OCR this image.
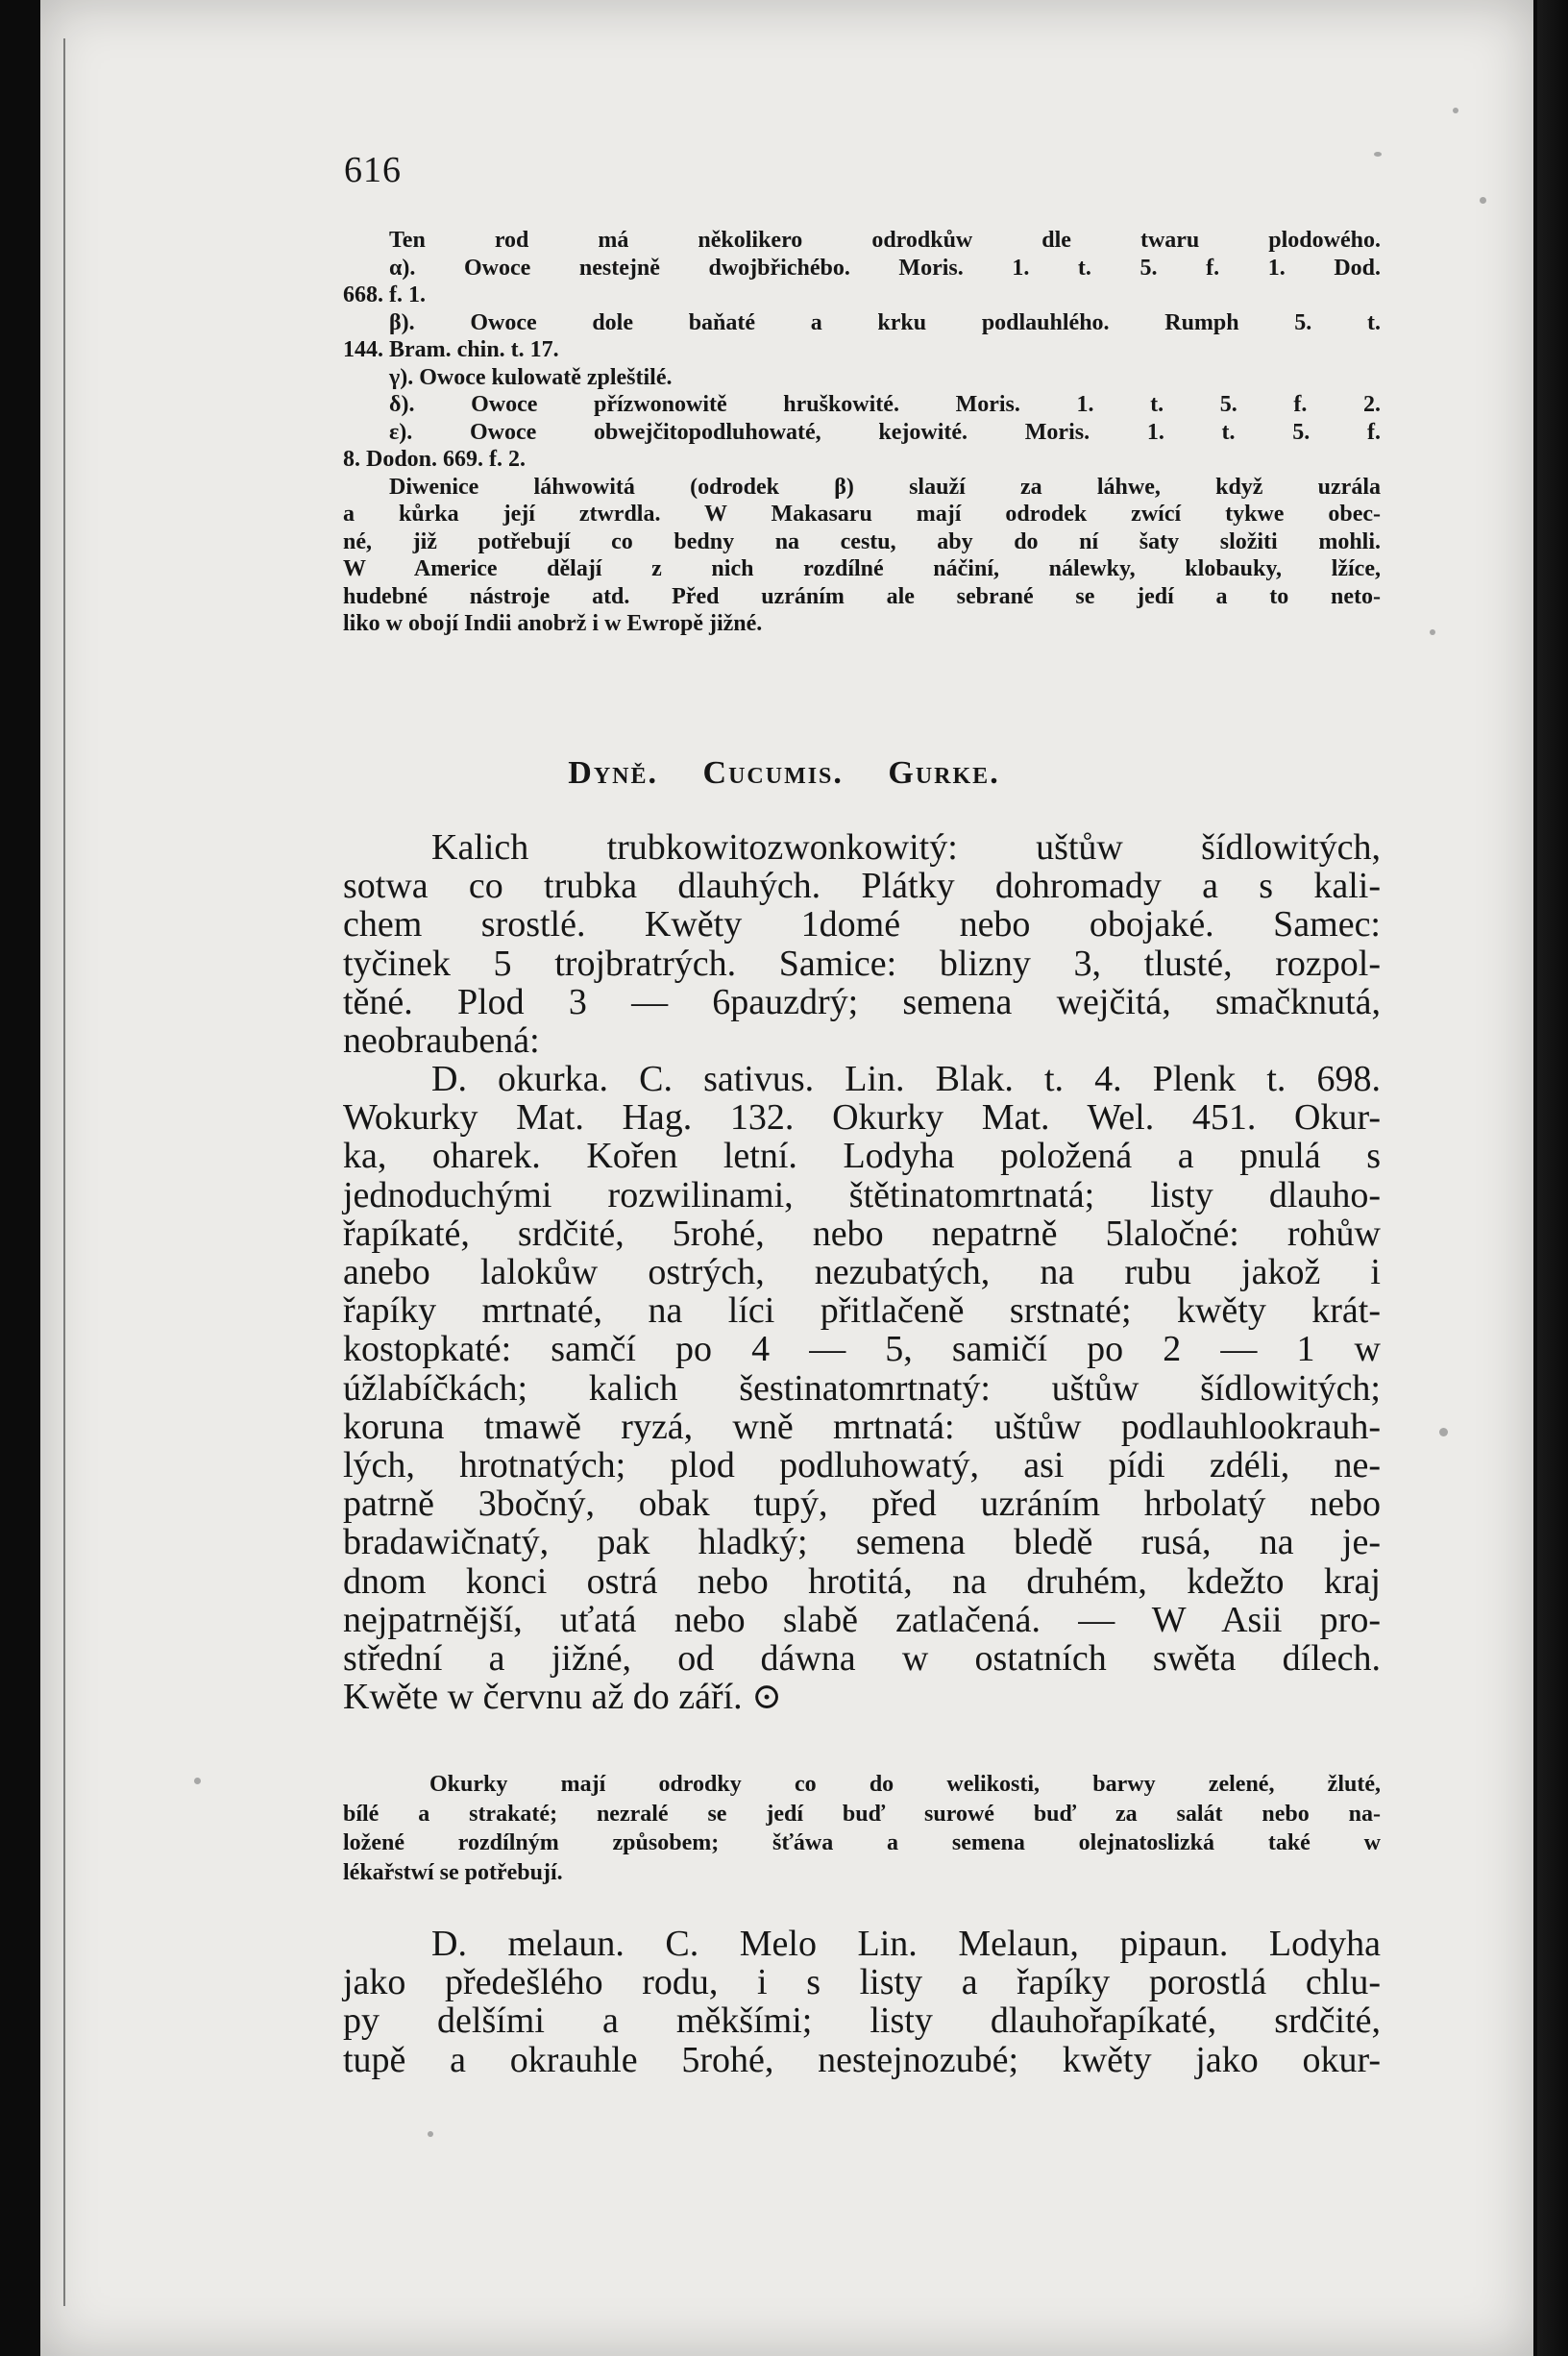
616
Ten rod má několikero odrodkůw dle twaru plodowého.
α). Owoce nestejně dwojbřichébo. Moris. 1. t. 5. f. 1. Dod.
668. f. 1.
β). Owoce dole baňaté a krku podlauhlého. Rumph 5. t.
144. Bram. chin. t. 17.
γ). Owoce kulowatě zpleštilé.
δ). Owoce přízwonowitě hruškowité. Moris. 1. t. 5. f. 2.
ε). Owoce obwejčitopodluhowaté, kejowité. Moris. 1. t. 5. f.
8. Dodon. 669. f. 2.
Diwenice láhwowitá (odrodek β) slauží za láhwe, když uzrála
a kůrka její ztwrdla. W Makasaru mají odrodek zwící tykwe obec-
né, již potřebují co bedny na cestu, aby do ní šaty složiti mohli.
W Americe dělají z nich rozdílné náčiní, nálewky, klobauky, lžíce,
hudebné nástroje atd. Před uzráním ale sebrané se jedí a to neto-
liko w obojí Indii anobrž i w Ewropě jižné.
Dyně. Cucumis. Gurke.
Kalich trubkowitozwonkowitý: uštůw šídlowitých,
sotwa co trubka dlauhých. Plátky dohromady a s kali-
chem srostlé. Kwěty 1domé nebo obojaké. Samec:
tyčinek 5 trojbratrých. Samice: blizny 3, tlusté, rozpol-
těné. Plod 3 — 6pauzdrý; semena wejčitá, smačknutá,
neobraubená:
D. okurka. C. sativus. Lin. Blak. t. 4. Plenk t. 698.
Wokurky Mat. Hag. 132. Okurky Mat. Wel. 451. Okur-
ka, oharek. Kořen letní. Lodyha položená a pnulá s
jednoduchými rozwilinami, štětinatomrtnatá; listy dlauho-
řapíkaté, srdčité, 5rohé, nebo nepatrně 5laločné: rohůw
anebo lalokůw ostrých, nezubatých, na rubu jakož i
řapíky mrtnaté, na líci přitlačeně srstnaté; kwěty krát-
kostopkaté: samčí po 4 — 5, samičí po 2 — 1 w
úžlabíčkách; kalich šestinatomrtnatý: uštůw šídlowitých;
koruna tmawě ryzá, wně mrtnatá: uštůw podlauhlookrauh-
lých, hrotnatých; plod podluhowatý, asi pídi zdéli, ne-
patrně 3bočný, obak tupý, před uzráním hrbolatý nebo
bradawičnatý, pak hladký; semena bledě rusá, na je-
dnom konci ostrá nebo hrotitá, na druhém, kdežto kraj
nejpatrnější, uťatá nebo slabě zatlačená. — W Asii pro-
střední a jižné, od dáwna w ostatních swěta dílech.
Kwěte w červnu až do září. ⊙
Okurky mají odrodky co do welikosti, barwy zelené, žluté,
bílé a strakaté; nezralé se jedí buď surowé buď za salát nebo na-
ložené rozdílným způsobem; šťáwa a semena olejnatoslizká také w
lékařstwí se potřebují.
D. melaun. C. Melo Lin. Melaun, pipaun. Lodyha
jako předešlého rodu, i s listy a řapíky porostlá chlu-
py delšími a měkšími; listy dlauhořapíkaté, srdčité,
tupě a okrauhle 5rohé, nestejnozubé; kwěty jako okur-
